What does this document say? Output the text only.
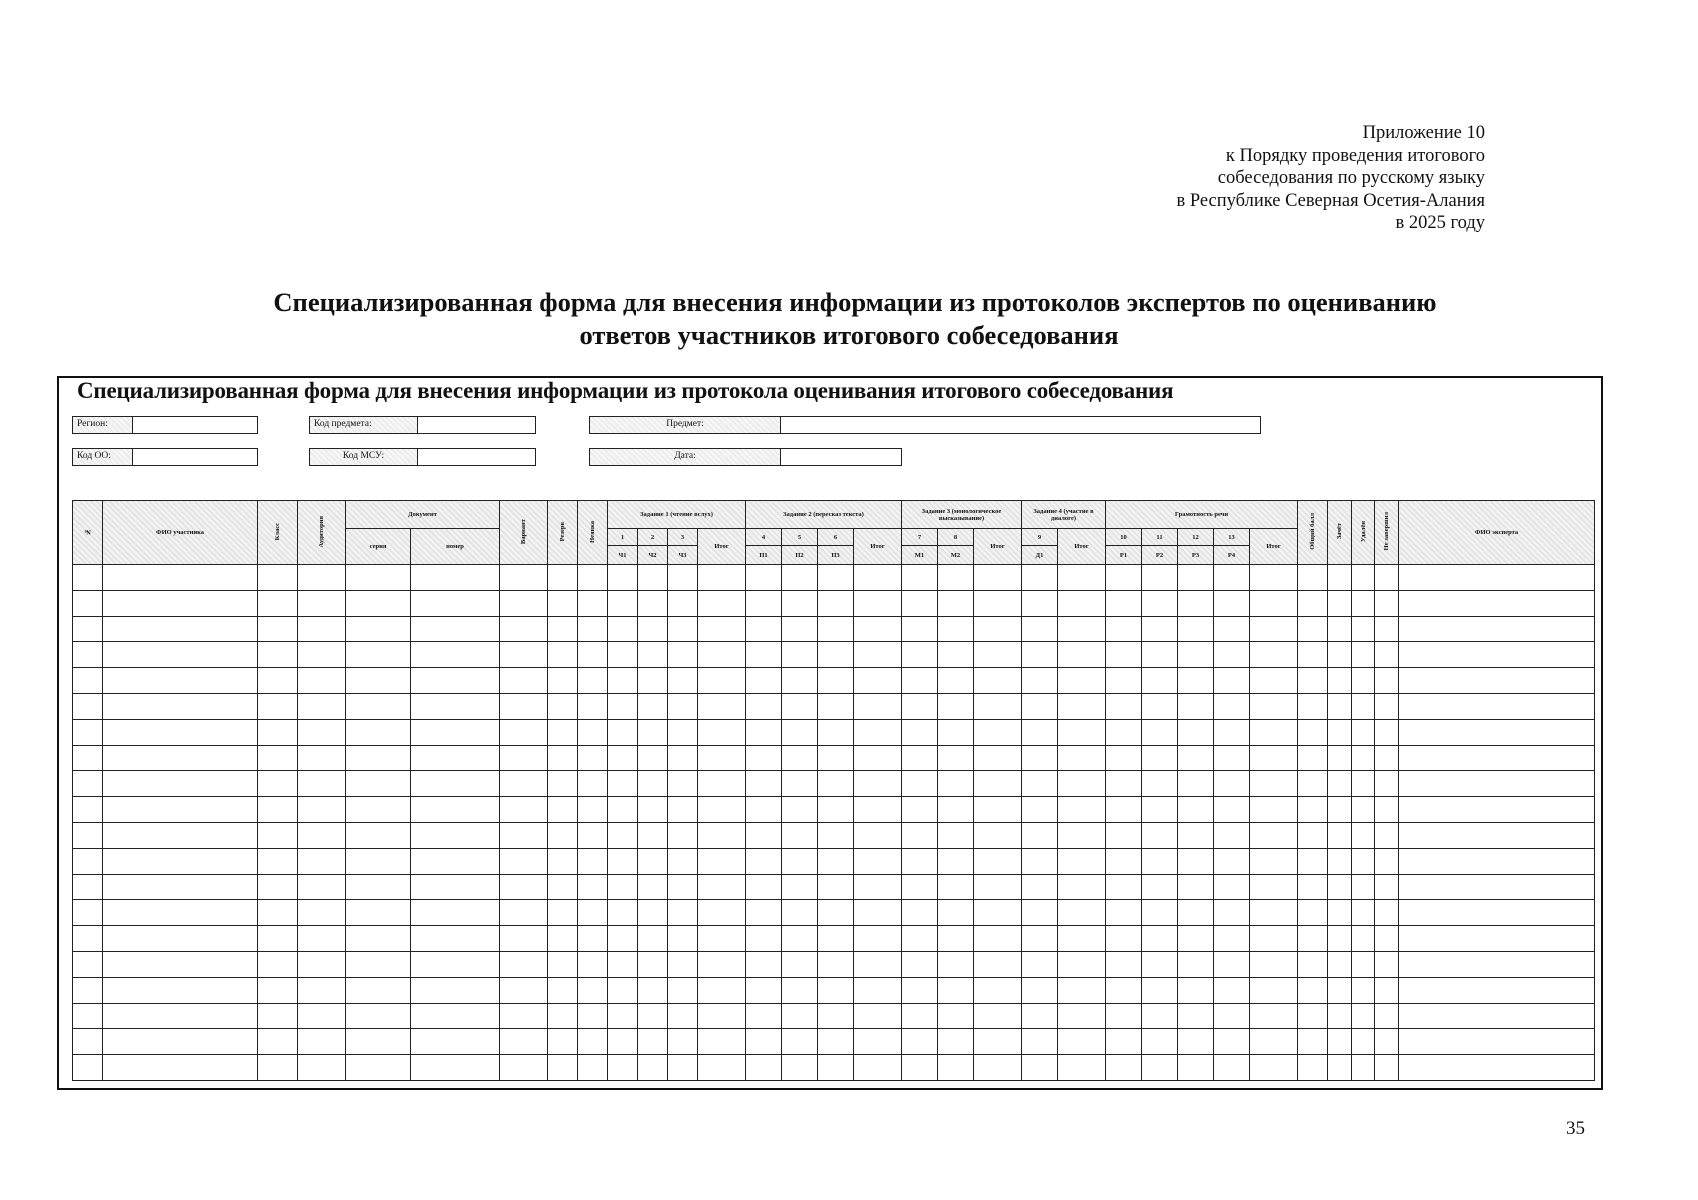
Приложение 10
к Порядку проведения итогового
собеседования по русскому языку
в Республике Северная Осетия-Алания
в 2025 году
Специализированная форма для внесения информации из протоколов экспертов по оцениванию
ответов участников итогового собеседования
Специализированная форма для внесения информации из протокола оценивания итогового собеседования
Регион:	Код предмета:	Предмет:
Код ОО:	Код МСУ:	Дата:
№	ФИО участника	Класс	Аудитория	Документ		Вариант	Резерв	Неявка	Задание 1 (чтение вслух)				Задание 2 (пересказ текста)				Задание 3 (монологическое высказывание)			Задание 4 (участие в диалоге)		Грамотность речи					Общий балл	Зачёт	Удалён	Не завершил	ФИО эксперта
				серия	номер				1	2	3	Итог	4	5	6	Итог	7	8	Итог	9	Итог	10	11	12	13	Итог					
									Ч1	Ч2	Ч3		П1	П2	П3		М1	М2		Д1		Р1	Р2	Р3	Р4						

35
